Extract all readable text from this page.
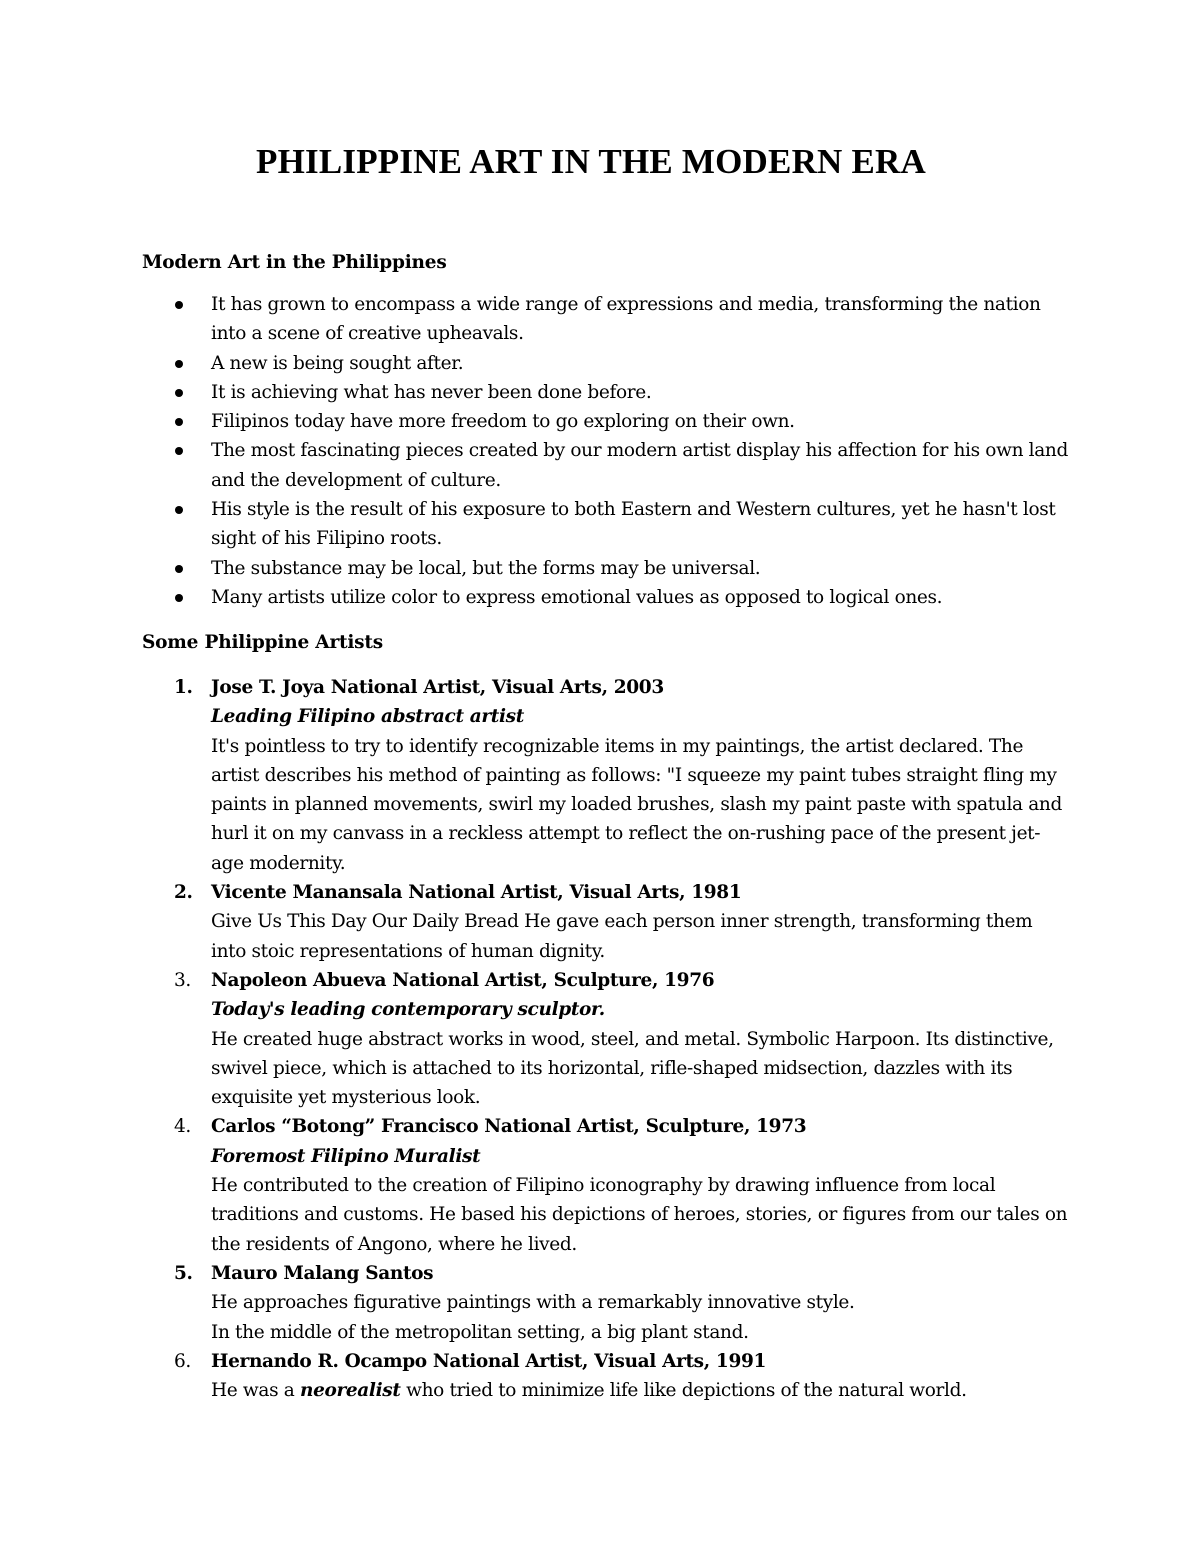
PHILIPPINE ART IN THE MODERN ERA
Modern Art in the Philippines
It has grown to encompass a wide range of expressions and media, transforming the nation into a scene of creative upheavals.
A new is being sought after.
It is achieving what has never been done before.
Filipinos today have more freedom to go exploring on their own.
The most fascinating pieces created by our modern artist display his affection for his own land and the development of culture.
His style is the result of his exposure to both Eastern and Western cultures, yet he hasn't lost sight of his Filipino roots.
The substance may be local, but the forms may be universal.
Many artists utilize color to express emotional values as opposed to logical ones.
Some Philippine Artists
1. Jose T. Joya National Artist, Visual Arts, 2003
Leading Filipino abstract artist
It's pointless to try to identify recognizable items in my paintings, the artist declared. The artist describes his method of painting as follows: "I squeeze my paint tubes straight fling my paints in planned movements, swirl my loaded brushes, slash my paint paste with spatula and hurl it on my canvass in a reckless attempt to reflect the on-rushing pace of the present jet-age modernity.
2. Vicente Manansala National Artist, Visual Arts, 1981
Give Us This Day Our Daily Bread He gave each person inner strength, transforming them into stoic representations of human dignity.
3.	Napoleon Abueva National Artist, Sculpture, 1976
Today's leading contemporary sculptor.
He created huge abstract works in wood, steel, and metal. Symbolic Harpoon. Its distinctive, swivel piece, which is attached to its horizontal, rifle-shaped midsection, dazzles with its exquisite yet mysterious look.
4.	Carlos “Botong” Francisco National Artist, Sculpture, 1973
Foremost Filipino Muralist
He contributed to the creation of Filipino iconography by drawing influence from local traditions and customs. He based his depictions of heroes, stories, or figures from our tales on the residents of Angono, where he lived.
5. Mauro Malang Santos
He approaches figurative paintings with a remarkably innovative style.
In the middle of the metropolitan setting, a big plant stand.
6.	Hernando R. Ocampo National Artist, Visual Arts, 1991
He was a neorealist who tried to minimize life like depictions of the natural world.
